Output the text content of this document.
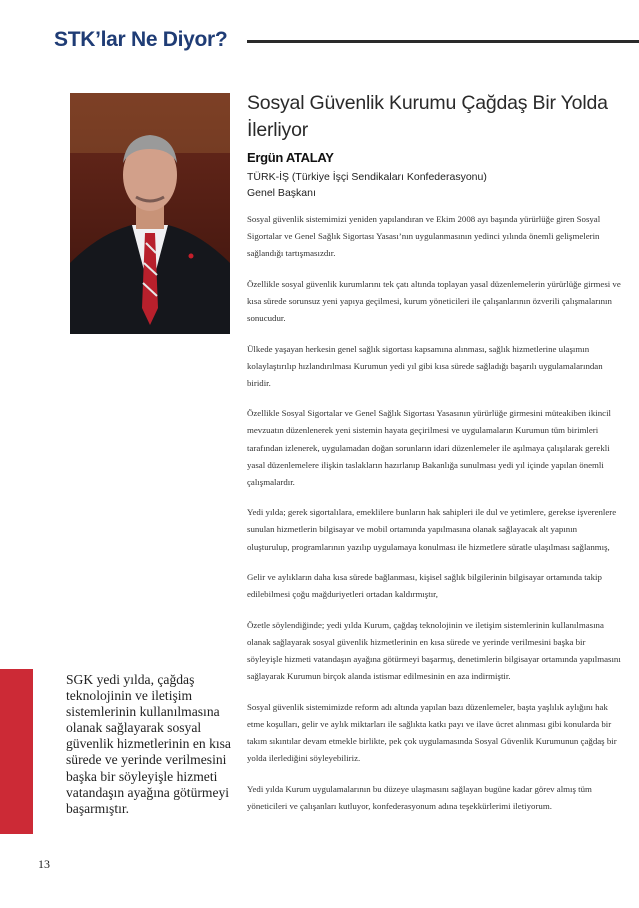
STK’lar Ne Diyor?
Sosyal Güvenlik Kurumu Çağdaş Bir Yolda İlerliyor
Ergün ATALAY
TÜRK-İŞ (Türkiye İşçi Sendikaları Konfederasyonu)
Genel Başkanı

Sosyal güvenlik sistemimizi yeniden yapılandıran ve Ekim 2008 ayı başında yürürlüğe giren Sosyal Sigortalar ve Genel Sağlık Sigortası Yasası’nın uygulanmasının yedinci yılında önemli gelişmelerin sağlandığı tartışmasızdır.

Özellikle sosyal güvenlik kurumlarını tek çatı altında toplayan yasal düzenlemelerin yürürlüğe girmesi ve kısa sürede sorunsuz yeni yapıya geçilmesi, kurum yöneticileri ile çalışanlarının özverili çalışmalarının sonucudur.

Ülkede yaşayan herkesin genel sağlık sigortası kapsamına alınması, sağlık hizmetlerine ulaşımın kolaylaştırılıp hızlandırılması Kurumun yedi yıl gibi kısa sürede sağladığı başarılı uygulamalarından biridir.

Özellikle Sosyal Sigortalar ve Genel Sağlık Sigortası Yasasının yürürlüğe girmesini müteakiben ikincil mevzuatın düzenlenerek yeni sistemin hayata geçirilmesi ve uygulamaların Kurumun tüm birimleri tarafından izlenerek, uygulamadan doğan sorunların idari düzenlemeler ile aşılmaya çalışılarak gerekli yasal düzenlemelere ilişkin taslakların hazırlanıp Bakanlığa sunulması yedi yıl içinde yapılan önemli çalışmalardır.

Yedi yılda; gerek sigortalılara, emeklilere bunların hak sahipleri ile dul ve yetimlere, gerekse işverenlere sunulan hizmetlerin bilgisayar ve mobil ortamında yapılmasına olanak sağlayacak alt yapının oluşturulup, programlarının yazılıp uygulamaya konulması ile hizmetlere süratle ulaşılması sağlanmış,

Gelir ve aylıkların daha kısa sürede bağlanması, kişisel sağlık bilgilerinin bilgisayar ortamında takip edilebilmesi çoğu mağduriyetleri ortadan kaldırmıştır,

Özetle söylendiğinde; yedi yılda Kurum, çağdaş teknolojinin ve iletişim sistemlerinin kullanılmasına olanak sağlayarak sosyal güvenlik hizmetlerinin en kısa sürede ve yerinde verilmesini başka bir söyleyişle hizmeti vatandaşın ayağına götürmeyi başarmış, denetimlerin bilgisayar ortamında yapılmasını sağlayarak Kurumun birçok alanda istismar edilmesinin en aza indirmiştir.

Sosyal güvenlik sistemimizde reform adı altında yapılan bazı düzenlemeler, başta yaşlılık aylığını hak etme koşulları, gelir ve aylık miktarları ile sağlıkta katkı payı ve ilave ücret alınması gibi konularda bir takım sıkıntılar devam etmekle birlikte, pek çok uygulamasında Sosyal Güvenlik Kurumunun çağdaş bir yolda ilerlediğini söyleyebiliriz.

Yedi yılda Kurum uygulamalarının bu düzeye ulaşmasını sağlayan bugüne kadar görev almış tüm yöneticileri ve çalışanları kutluyor, konfederasyonum adına teşekkürlerimi iletiyorum.

SGK yedi yılda, çağdaş teknolojinin ve iletişim sistemlerinin kullanılmasına olanak sağlayarak sosyal güvenlik hizmetlerinin en kısa sürede ve yerinde verilmesini başka bir söyleyişle hizmeti vatandaşın ayağına götürmeyi başarmıştır.
13
